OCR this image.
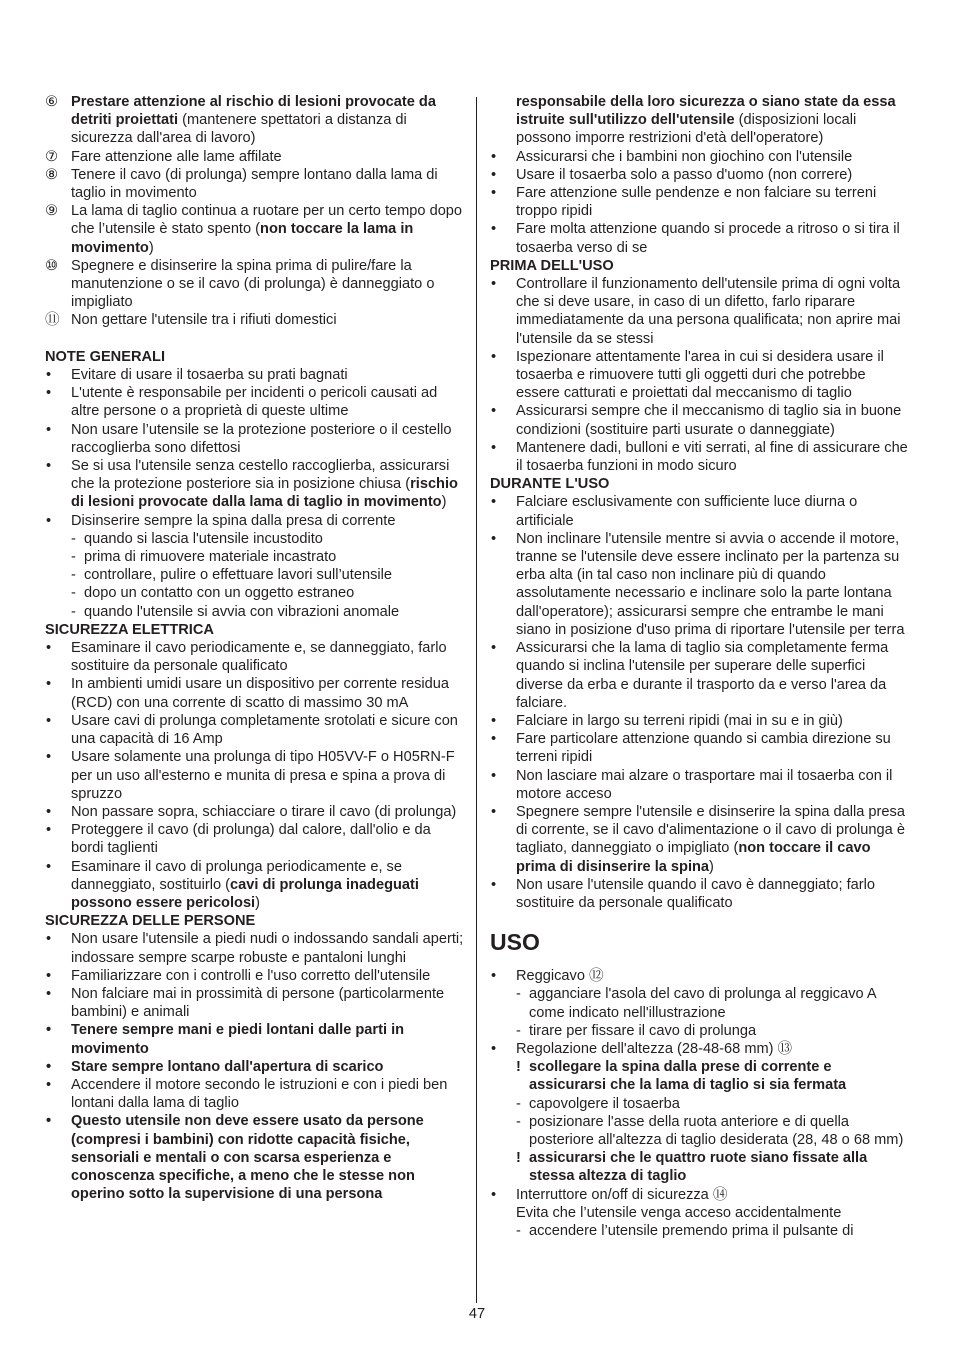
⑥ Prestare attenzione al rischio di lesioni provocate da detriti proiettati (mantenere spettatori a distanza di sicurezza dall'area di lavoro)
⑦ Fare attenzione alle lame affilate
⑧ Tenere il cavo (di prolunga) sempre lontano dalla lama di taglio in movimento
⑨ La lama di taglio continua a ruotare per un certo tempo dopo che l’utensile è stato spento (non toccare la lama in movimento)
⑩ Spegnere e disinserire la spina prima di pulire/fare la manutenzione o se il cavo (di prolunga) è danneggiato o impigliato
⑪ Non gettare l'utensile tra i rifiuti domestici
NOTE GENERALI
• Evitare di usare il tosaerba su prati bagnati
• L'utente è responsabile per incidenti o pericoli causati ad altre persone o a proprietà di queste ultime
• Non usare l’utensile se la protezione posteriore o il cestello raccoglierba sono difettosi
• Se si usa l'utensile senza cestello raccoglierba, assicurarsi che la protezione posteriore sia in posizione chiusa (rischio di lesioni provocate dalla lama di taglio in movimento)
• Disinserire sempre la spina dalla presa di corrente
- quando si lascia l'utensile incustodito
- prima di rimuovere materiale incastrato
- controllare, pulire o effettuare lavori sull’utensile
- dopo un contatto con un oggetto estraneo
- quando l'utensile si avvia con vibrazioni anomale
SICUREZZA ELETTRICA
• Esaminare il cavo periodicamente e, se danneggiato, farlo sostituire da personale qualificato
• In ambienti umidi usare un dispositivo per corrente residua (RCD) con una corrente di scatto di massimo 30 mA
• Usare cavi di prolunga completamente srotolati e sicure con una capacità di 16 Amp
• Usare solamente una prolunga di tipo H05VV-F o H05RN-F per un uso all'esterno e munita di presa e spina a prova di spruzzo
• Non passare sopra, schiacciare o tirare il cavo (di prolunga)
• Proteggere il cavo (di prolunga) dal calore, dall'olio e da bordi taglienti
• Esaminare il cavo di prolunga periodicamente e, se danneggiato, sostituirlo (cavi di prolunga inadeguati possono essere pericolosi)
SICUREZZA DELLE PERSONE
• Non usare l'utensile a piedi nudi o indossando sandali aperti; indossare sempre scarpe robuste e pantaloni lunghi
• Familiarizzare con i controlli e l'uso corretto dell'utensile
• Non falciare mai in prossimità di persone (particolarmente bambini) e animali
• Tenere sempre mani e piedi lontani dalle parti in movimento
• Stare sempre lontano dall'apertura di scarico
• Accendere il motore secondo le istruzioni e con i piedi ben lontani dalla lama di taglio
• Questo utensile non deve essere usato da persone (compresi i bambini) con ridotte capacità fisiche, sensoriali e mentali o con scarsa esperienza e conoscenza specifiche, a meno che le stesse non operino sotto la supervisione di una persona
responsabile della loro sicurezza o siano state da essa istruite sull'utilizzo dell'utensile (disposizioni locali possono imporre restrizioni d'età dell'operatore)
• Assicurarsi che i bambini non giochino con l'utensile
• Usare il tosaerba solo a passo d'uomo (non correre)
• Fare attenzione sulle pendenze e non falciare su terreni troppo ripidi
• Fare molta attenzione quando si procede a ritroso o si tira il tosaerba verso di se
PRIMA DELL'USO
• Controllare il funzionamento dell'utensile prima di ogni volta che si deve usare, in caso di un difetto, farlo riparare immediatamente da una persona qualificata; non aprire mai l'utensile da se stessi
• Ispezionare attentamente l'area in cui si desidera usare il tosaerba e rimuovere tutti gli oggetti duri che potrebbe essere catturati e proiettati dal meccanismo di taglio
• Assicurarsi sempre che il meccanismo di taglio sia in buone condizioni (sostituire parti usurate o danneggiate)
• Mantenere dadi, bulloni e viti serrati, al fine di assicurare che il tosaerba funzioni in modo sicuro
DURANTE L'USO
• Falciare esclusivamente con sufficiente luce diurna o artificiale
• Non inclinare l'utensile mentre si avvia o accende il motore, tranne se l'utensile deve essere inclinato per la partenza su erba alta (in tal caso non inclinare più di quando assolutamente necessario e inclinare solo la parte lontana dall'operatore); assicurarsi sempre che entrambe le mani siano in posizione d'uso prima di riportare l'utensile per terra
• Assicurarsi che la lama di taglio sia completamente ferma quando si inclina l'utensile per superare delle superfici diverse da erba e durante il trasporto da e verso l'area da falciare.
• Falciare in largo su terreni ripidi (mai in su e in giù)
• Fare particolare attenzione quando si cambia direzione su terreni ripidi
• Non lasciare mai alzare o trasportare mai il tosaerba con il motore acceso
• Spegnere sempre l'utensile e disinserire la spina dalla presa di corrente, se il cavo d'alimentazione o il cavo di prolunga è tagliato, danneggiato o impigliato (non toccare il cavo prima di disinserire la spina)
• Non usare l'utensile quando il cavo è danneggiato; farlo sostituire da personale qualificato
USO
• Reggicavo ⑫
- agganciare l'asola del cavo di prolunga al reggicavo A come indicato nell'illustrazione
- tirare per fissare il cavo di prolunga
• Regolazione dell'altezza (28-48-68 mm) ⑬
! scollegare la spina dalla prese di corrente e assicurarsi che la lama di taglio si sia fermata
- capovolgere il tosaerba
- posizionare l'asse della ruota anteriore e di quella posteriore all'altezza di taglio desiderata (28, 48 o 68 mm)
! assicurarsi che le quattro ruote siano fissate alla stessa altezza di taglio
• Interruttore on/off di sicurezza ⑭
Evita che l’utensile venga acceso accidentalmente
- accendere l’utensile premendo prima il pulsante di
47
